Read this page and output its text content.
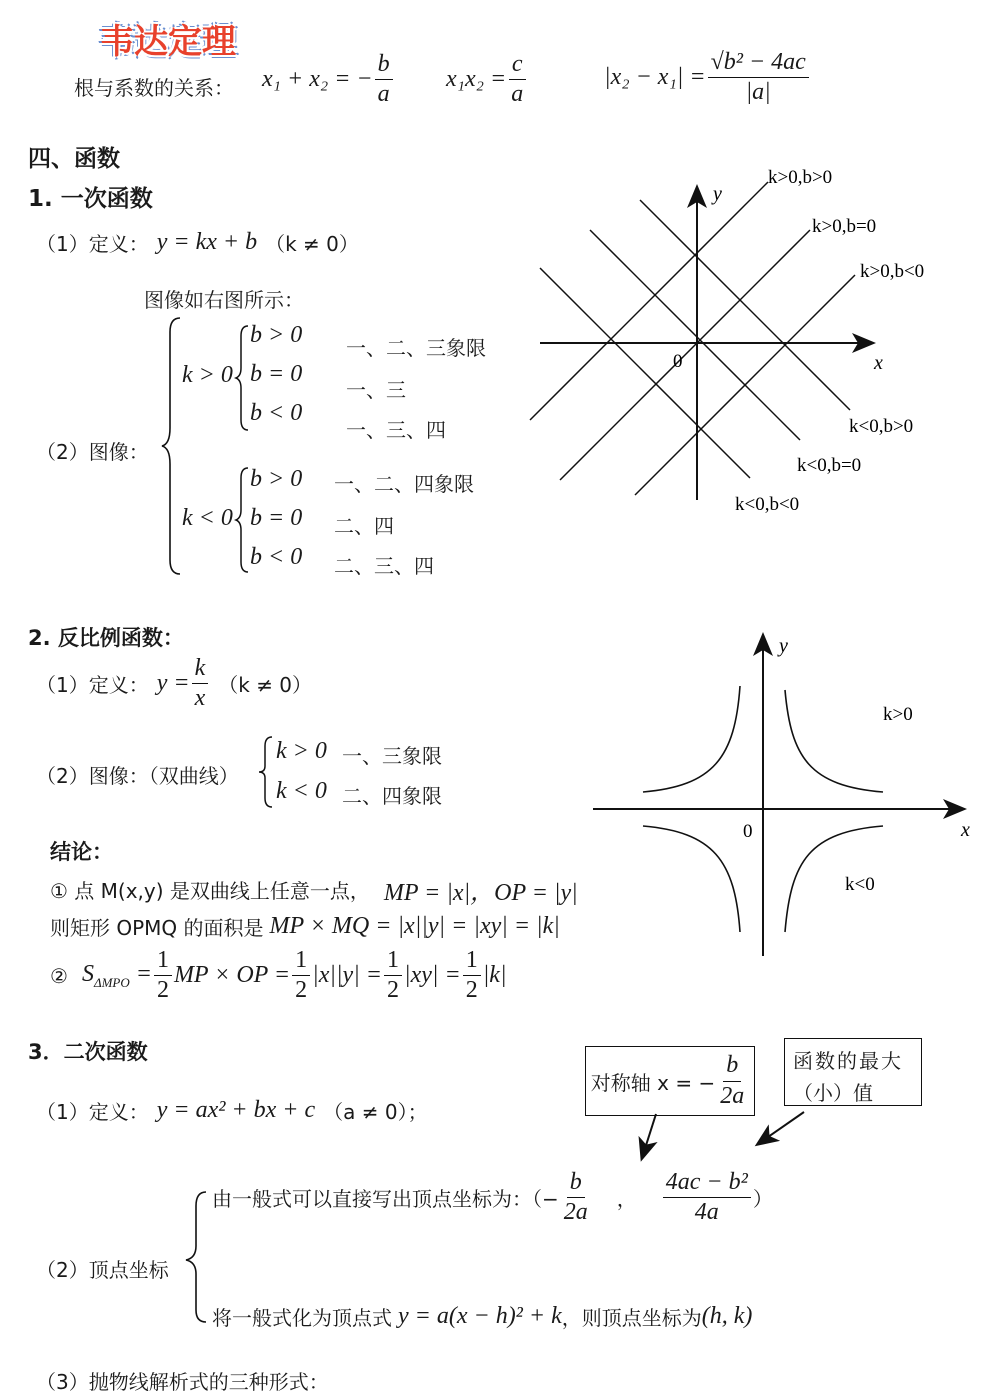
韦达定理
根与系数的关系： x₁ + x₂ = − $\frac{b}{a} x_1x_2 = \frac{c}{a}$	$|x_2 - x_1| = \frac{\text{√b² − 4ac}}{|a|}$
四、函数
1. 一次函数
（1）定义： y = kx + b （k ≠ 0）
图像如右图所示：
（2）图像：
k > 0
k < 0
b > 0
b = 0
b < 0
一、二、三象限
一、三
一、三、四
b > 0
b = 0
b < 0
一、二、四象限
二、四
二、三、四
y
x
0
k>0,b>0
k>0,b=0
k>0,b<0
k<0,b>0
k<0,b=0
k<0,b<0
2. 反比例函数：
（1）定义： $y = \frac{k}{x} (k \ne 0)$
（2）图像：（双曲线）
k > 0 一、三象限
k < 0 二、四象限
结论：
① 点 M(x,y) 是双曲线上任意一点， MP = |x|，OP = |y|
则矩形 OPMQ 的面积是 MP × MQ = |x||y| = |xy| = |k|
② $S_{\Delta MPO} = \frac{1}{2}$ MP × OP = $\frac{1}{2} |x||y| = \frac{1}{2} |xy| = \frac{1}{2} |k|$
y
x
0
k>0
k<0
3．二次函数
（1）定义： y = ax² + bx + c （a ≠ 0）；
对称轴 x = − $\frac{b}{2a}$ 函数的最大
（小）值
（2）顶点坐标
由一般式可以直接写出顶点坐标为：（− $\frac{b}{2a}$ ， $\frac{\text{4ac − b²}}{4a}$ ）
将一般式化为顶点式 y = a(x − h)² + k ，则顶点坐标为 (h, k)
（3）抛物线解析式的三种形式：
